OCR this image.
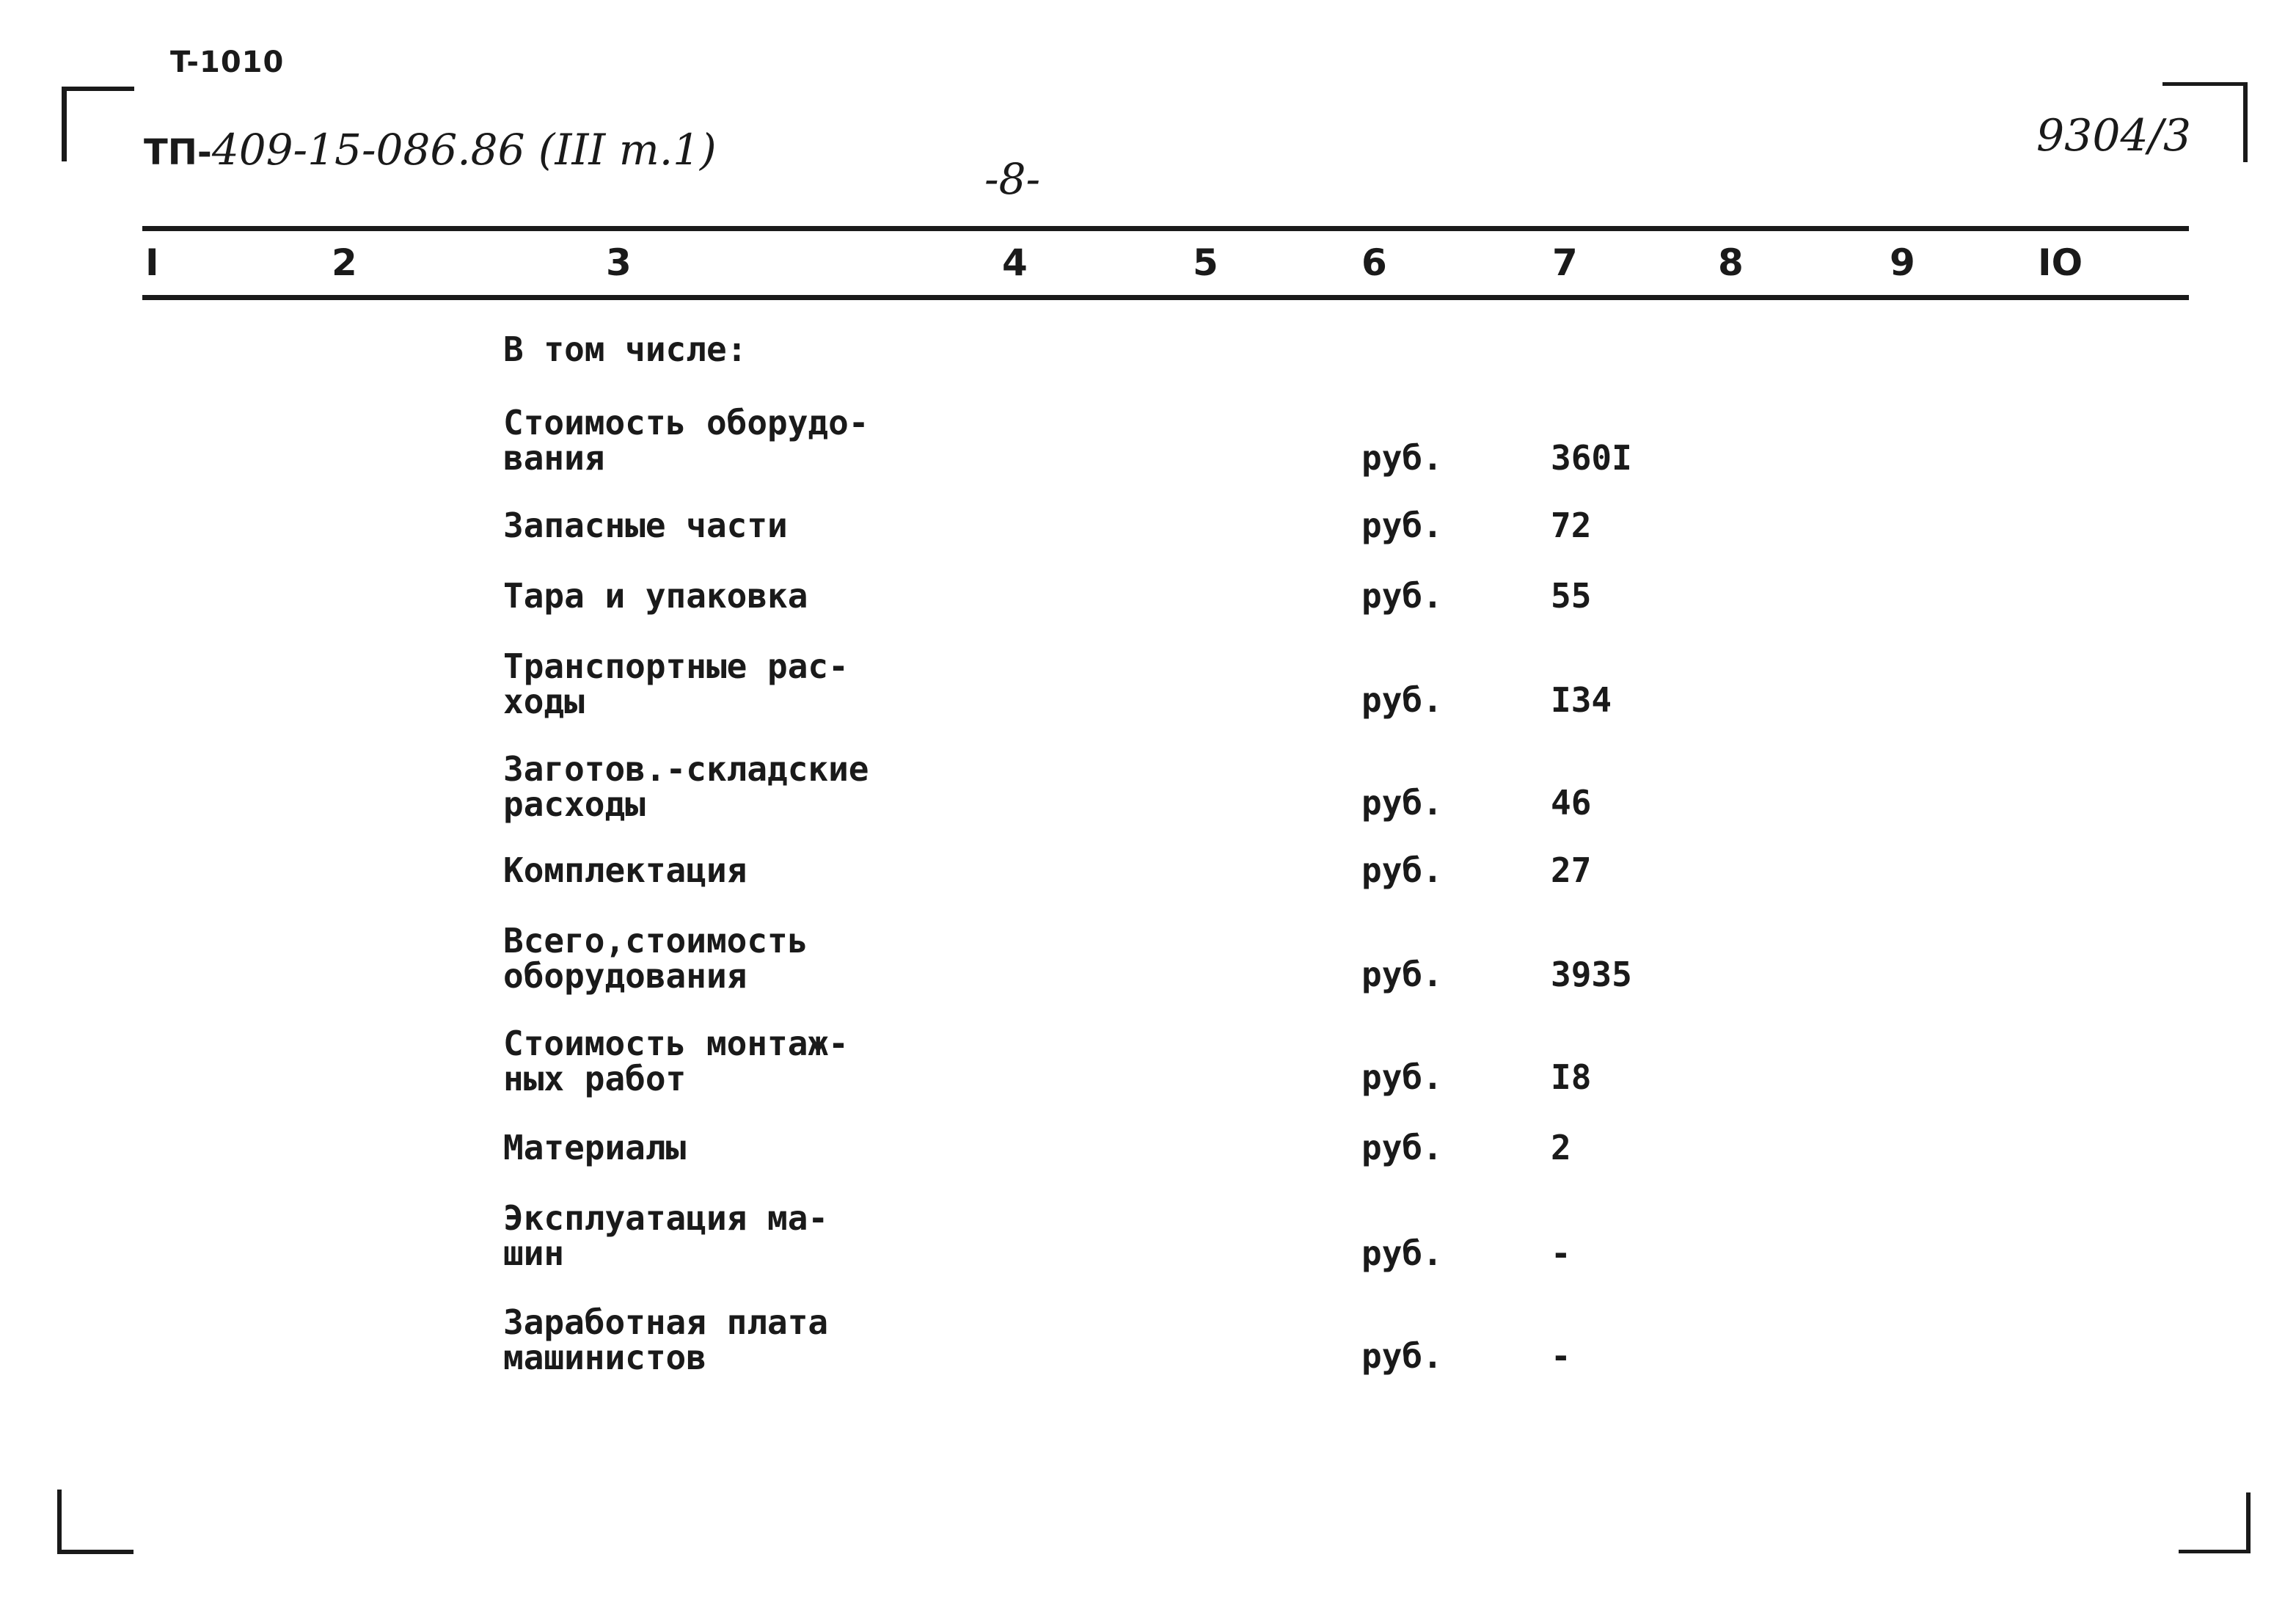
T-1010
ТП-409-15-086.86 (ІІІ т.1)
-8-
9304/3
I	2	3	4	5	6	7	8	9	IO
В том числе:
Стоимость оборудо-
вания	руб.	360I
Запасные части	руб.	72
Тара и упаковка	руб.	55
Транспортные рас-
ходы	руб.	I34
Заготов.-складские
расходы	руб.	46
Комплектация	руб.	27
Всего,стоимость
оборудования	руб.	3935
Стоимость монтаж-
ных работ	руб.	I8
Материалы	руб.	2
Эксплуатация ма-
шин	руб.	-
Заработная плата
машинистов	руб.	-
